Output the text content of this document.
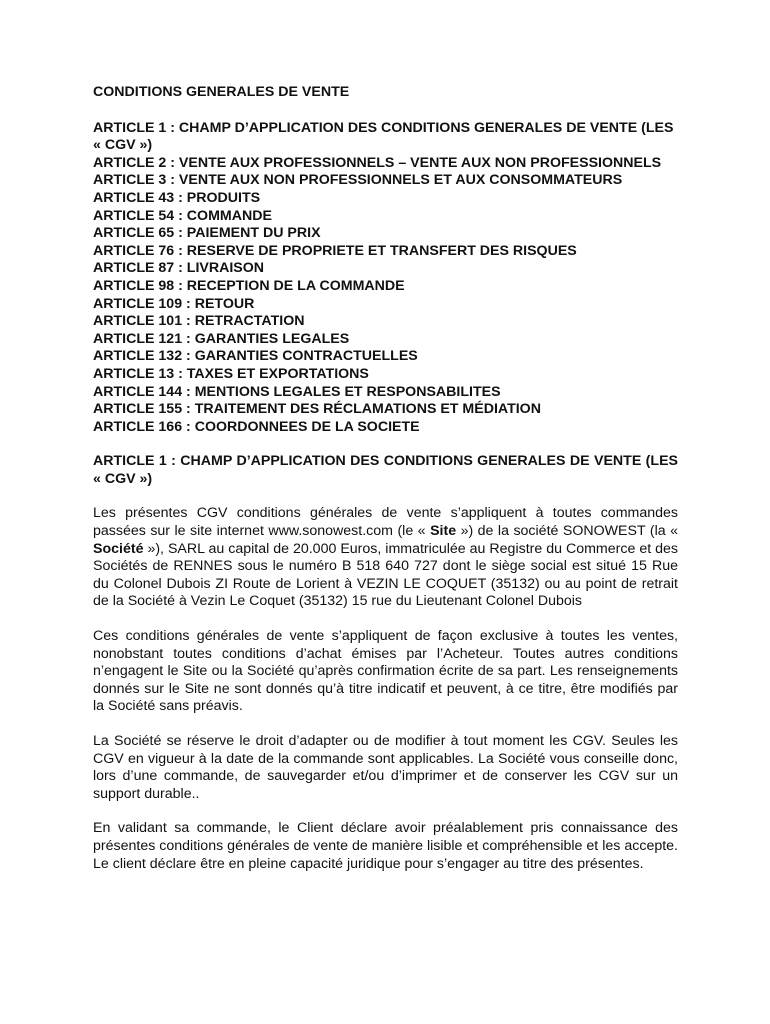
CONDITIONS GENERALES DE VENTE
ARTICLE 1 : CHAMP D’APPLICATION DES CONDITIONS GENERALES DE VENTE (LES « CGV »)
ARTICLE 2 : VENTE AUX PROFESSIONNELS – VENTE AUX NON PROFESSIONNELS
ARTICLE 3 : VENTE AUX NON PROFESSIONNELS ET AUX CONSOMMATEURS
ARTICLE 43 : PRODUITS
ARTICLE 54 : COMMANDE
ARTICLE 65 : PAIEMENT DU PRIX
ARTICLE 76 : RESERVE DE PROPRIETE ET TRANSFERT DES RISQUES
ARTICLE 87 : LIVRAISON
ARTICLE 98 : RECEPTION DE LA COMMANDE
ARTICLE 109 : RETOUR
ARTICLE 101 : RETRACTATION
ARTICLE 121 : GARANTIES LEGALES
ARTICLE 132 : GARANTIES CONTRACTUELLES
ARTICLE 13 : TAXES ET EXPORTATIONS
ARTICLE 144 : MENTIONS LEGALES ET RESPONSABILITES
ARTICLE 155 : TRAITEMENT DES RÉCLAMATIONS ET MÉDIATION
ARTICLE 166 : COORDONNEES DE LA SOCIETE
ARTICLE 1 : CHAMP D’APPLICATION DES CONDITIONS GENERALES DE VENTE (LES « CGV »)
Les présentes CGV conditions générales de vente s’appliquent à toutes commandes passées sur le site internet www.sonowest.com (le « Site ») de la société SONOWEST (la « Société »), SARL au capital de 20.000 Euros, immatriculée au Registre du Commerce et des Sociétés de RENNES sous le numéro B 518 640 727 dont le siège social est situé 15 Rue du Colonel Dubois ZI Route de Lorient à VEZIN LE COQUET (35132) ou au point de retrait de la Société à Vezin Le Coquet (35132) 15 rue du Lieutenant Colonel Dubois
Ces conditions générales de vente s’appliquent de façon exclusive à toutes les ventes, nonobstant toutes conditions d’achat émises par l’Acheteur. Toutes autres conditions n’engagent le Site ou la Société qu’après confirmation écrite de sa part. Les renseignements donnés sur le Site ne sont donnés qu’à titre indicatif et peuvent, à ce titre, être modifiés par la Société sans préavis.
La Société se réserve le droit d’adapter ou de modifier à tout moment les CGV. Seules les CGV en vigueur à la date de la commande sont applicables. La Société vous conseille donc, lors d’une commande, de sauvegarder et/ou d’imprimer et de conserver les CGV sur un support durable..
En validant sa commande, le Client déclare avoir préalablement pris connaissance des présentes conditions générales de vente de manière lisible et compréhensible et les accepte. Le client déclare être en pleine capacité juridique pour s’engager au titre des présentes.
